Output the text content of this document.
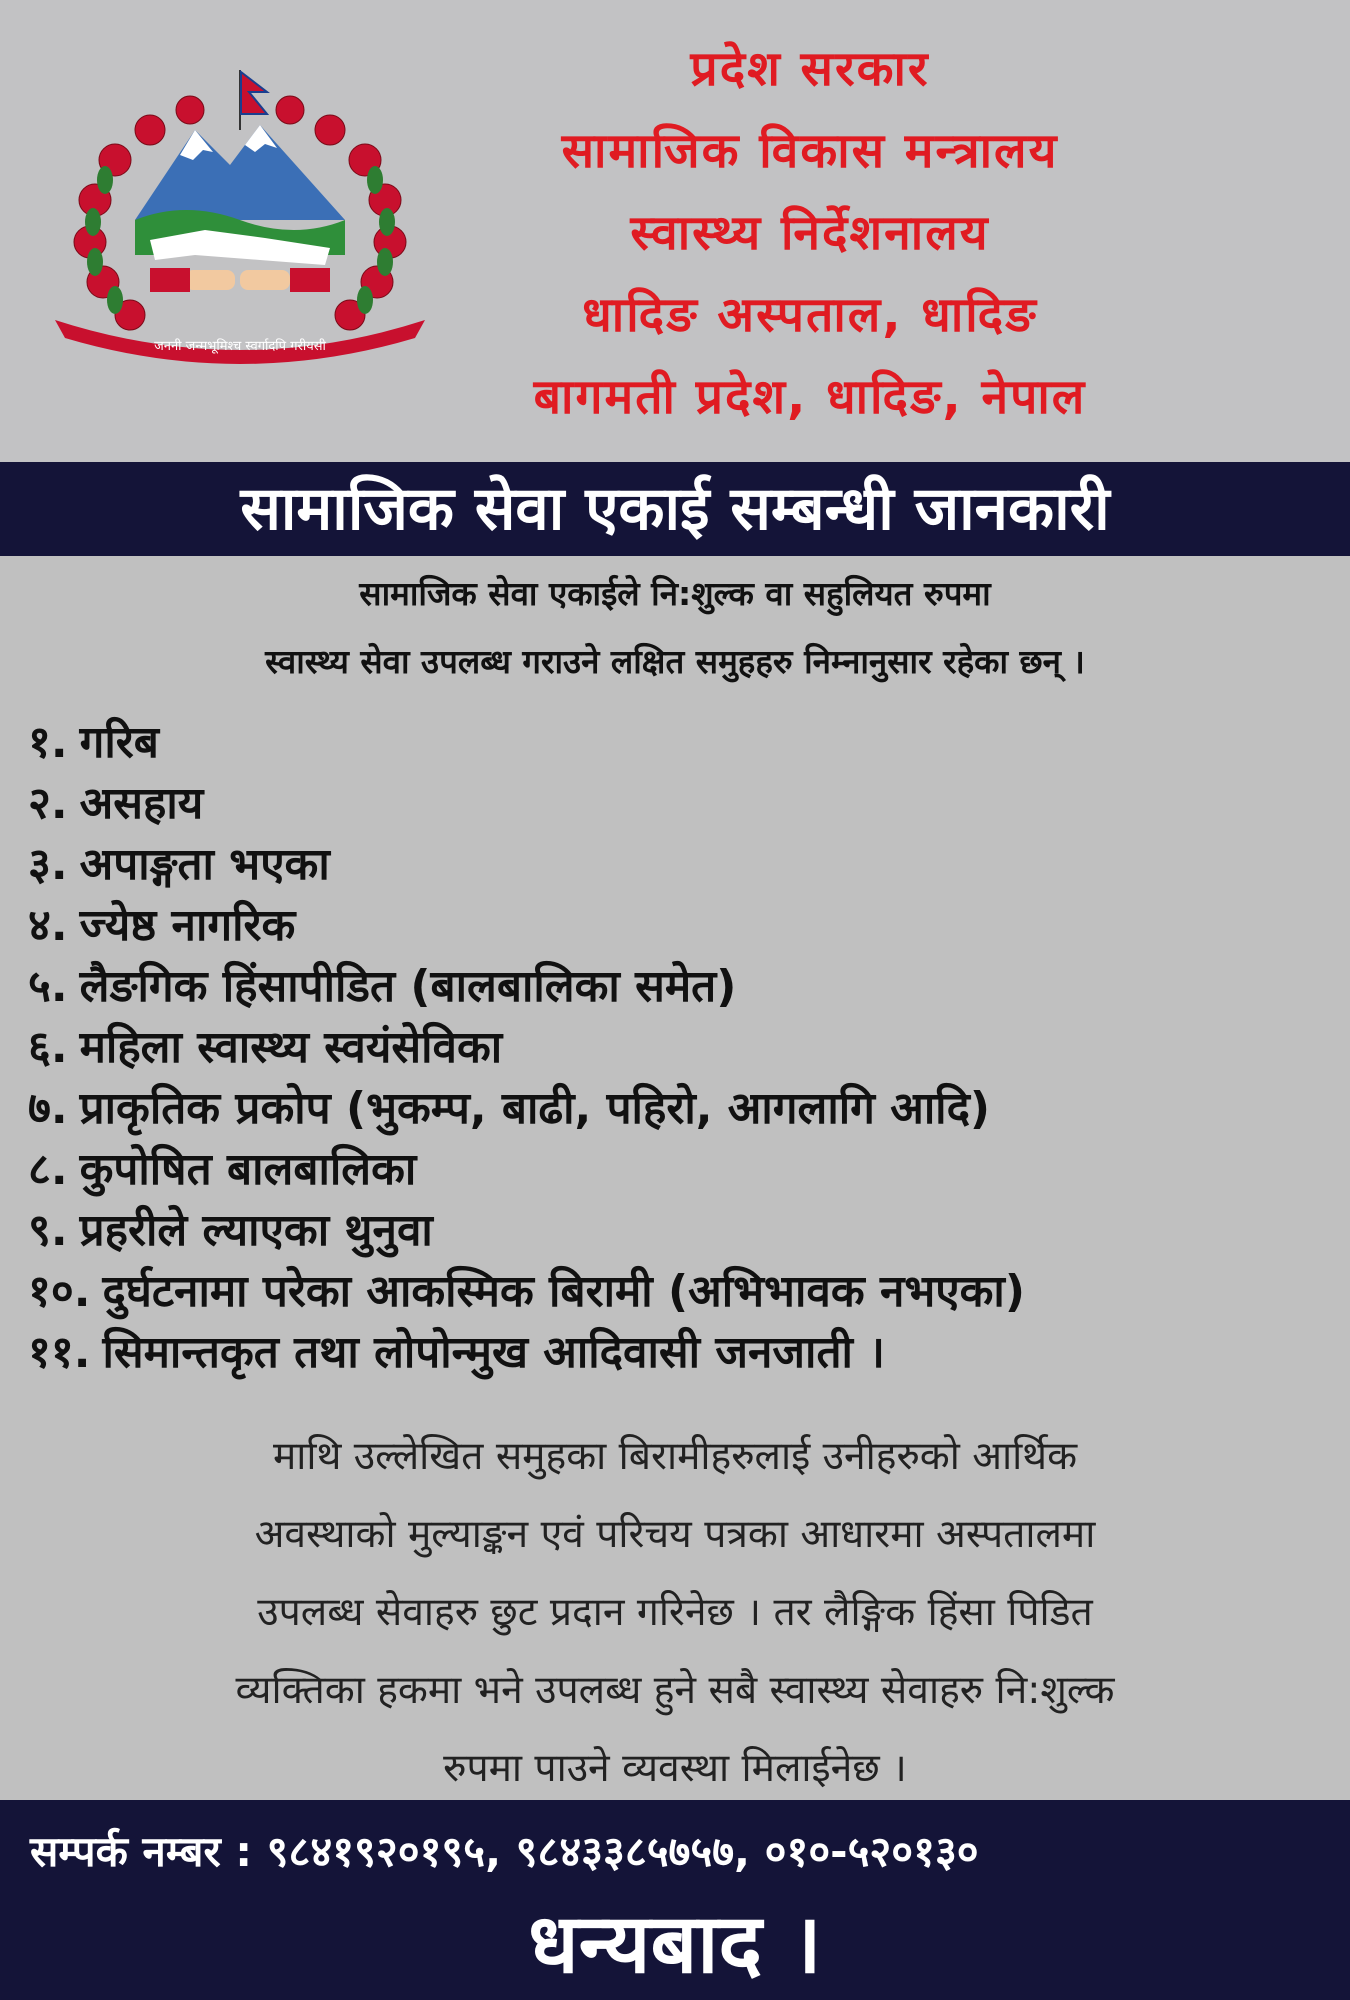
जननी जन्मभूमिश्च स्वर्गादपि गरीयसी
प्रदेश सरकार
सामाजिक विकास मन्त्रालय
स्वास्थ्य निर्देशनालय
धादिङ अस्पताल, धादिङ
बागमती प्रदेश, धादिङ, नेपाल
सामाजिक सेवा एकाई सम्बन्धी जानकारी
सामाजिक सेवा एकाईले नि:शुल्क वा सहुलियत रुपमा
स्वास्थ्य सेवा उपलब्ध गराउने लक्षित समुहहरु निम्नानुसार रहेका छन् ।
१. गरिब
२. असहाय
३. अपाङ्गता भएका
४. ज्येष्ठ नागरिक
५. लैङगिक हिंसापीडित (बालबालिका समेत)
६. महिला स्वास्थ्य स्वयंसेविका
७. प्राकृतिक प्रकोप (भुकम्प, बाढी, पहिरो, आगलागि आदि)
८. कुपोषित बालबालिका
९. प्रहरीले ल्याएका थुनुवा
१०. दुर्घटनामा परेका आकस्मिक बिरामी (अभिभावक नभएका)
११. सिमान्तकृत तथा लोपोन्मुख आदिवासी जनजाती ।
माथि उल्लेखित समुहका बिरामीहरुलाई उनीहरुको आर्थिक
अवस्थाको मुल्याङ्कन एवं परिचय पत्रका आधारमा अस्पतालमा
उपलब्ध सेवाहरु छुट प्रदान गरिनेछ । तर लैङ्गिक हिंसा पिडित
व्यक्तिका हकमा भने उपलब्ध हुने सबै स्वास्थ्य सेवाहरु नि:शुल्क
रुपमा पाउने व्यवस्था मिलाईनेछ ।
सम्पर्क नम्बर : ९८४१९२०१९५, ९८४३३८५७५७, ०१०-५२०१३०
धन्यबाद ।
